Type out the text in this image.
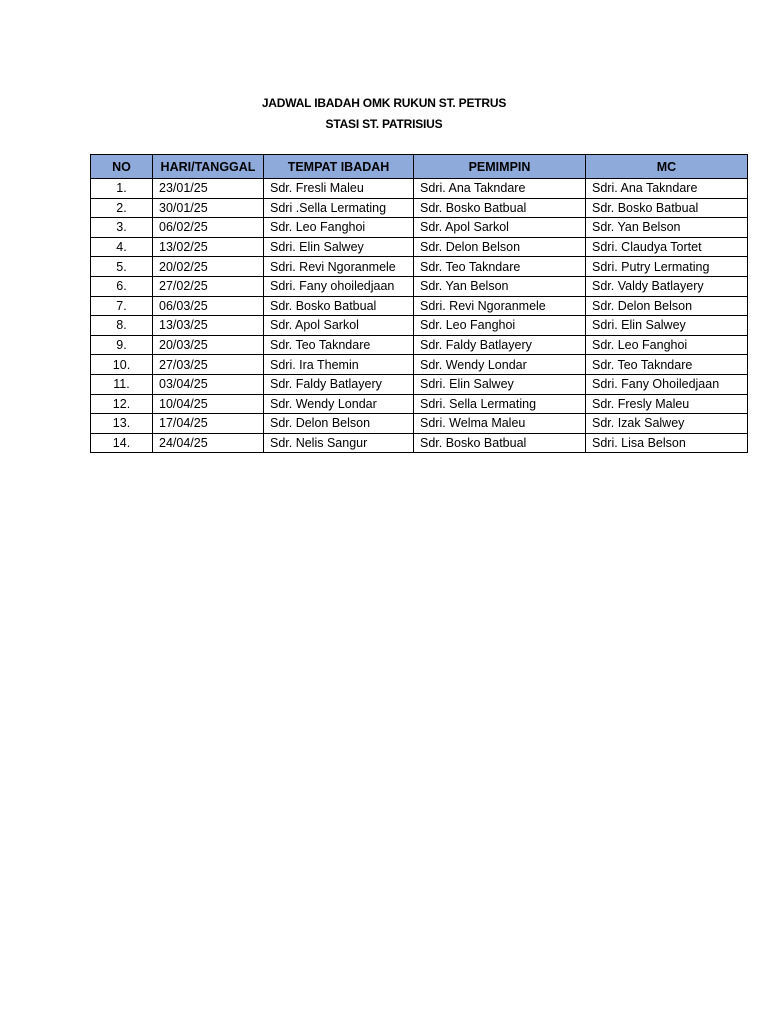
JADWAL IBADAH OMK RUKUN ST. PETRUS
STASI ST. PATRISIUS
NO	HARI/TANGGAL	TEMPAT IBADAH	PEMIMPIN	MC
1.	23/01/25	Sdr. Fresli Maleu	Sdri. Ana Takndare	Sdri. Ana Takndare
2.	30/01/25	Sdri .Sella Lermating	Sdr. Bosko Batbual	Sdr. Bosko Batbual
3.	06/02/25	Sdr. Leo Fanghoi	Sdr. Apol Sarkol	Sdr. Yan Belson
4.	13/02/25	Sdri. Elin Salwey	Sdr. Delon Belson	Sdri. Claudya Tortet
5.	20/02/25	Sdri. Revi Ngoranmele	Sdr. Teo Takndare	Sdri. Putry Lermating
6.	27/02/25	Sdri. Fany ohoiledjaan	Sdr. Yan Belson	Sdr. Valdy Batlayery
7.	06/03/25	Sdr. Bosko Batbual	Sdri. Revi Ngoranmele	Sdr. Delon Belson
8.	13/03/25	Sdr. Apol Sarkol	Sdr. Leo Fanghoi	Sdri. Elin Salwey
9.	20/03/25	Sdr. Teo Takndare	Sdr. Faldy Batlayery	Sdr. Leo Fanghoi
10.	27/03/25	Sdri. Ira Themin	Sdr. Wendy Londar	Sdr. Teo Takndare
11.	03/04/25	Sdr. Faldy Batlayery	Sdri. Elin Salwey	Sdri. Fany Ohoiledjaan
12.	10/04/25	Sdr. Wendy Londar	Sdri. Sella Lermating	Sdr. Fresly Maleu
13.	17/04/25	Sdr. Delon Belson	Sdri. Welma Maleu	Sdr. Izak Salwey
14.	24/04/25	Sdr. Nelis Sangur	Sdr. Bosko Batbual	Sdri. Lisa Belson
